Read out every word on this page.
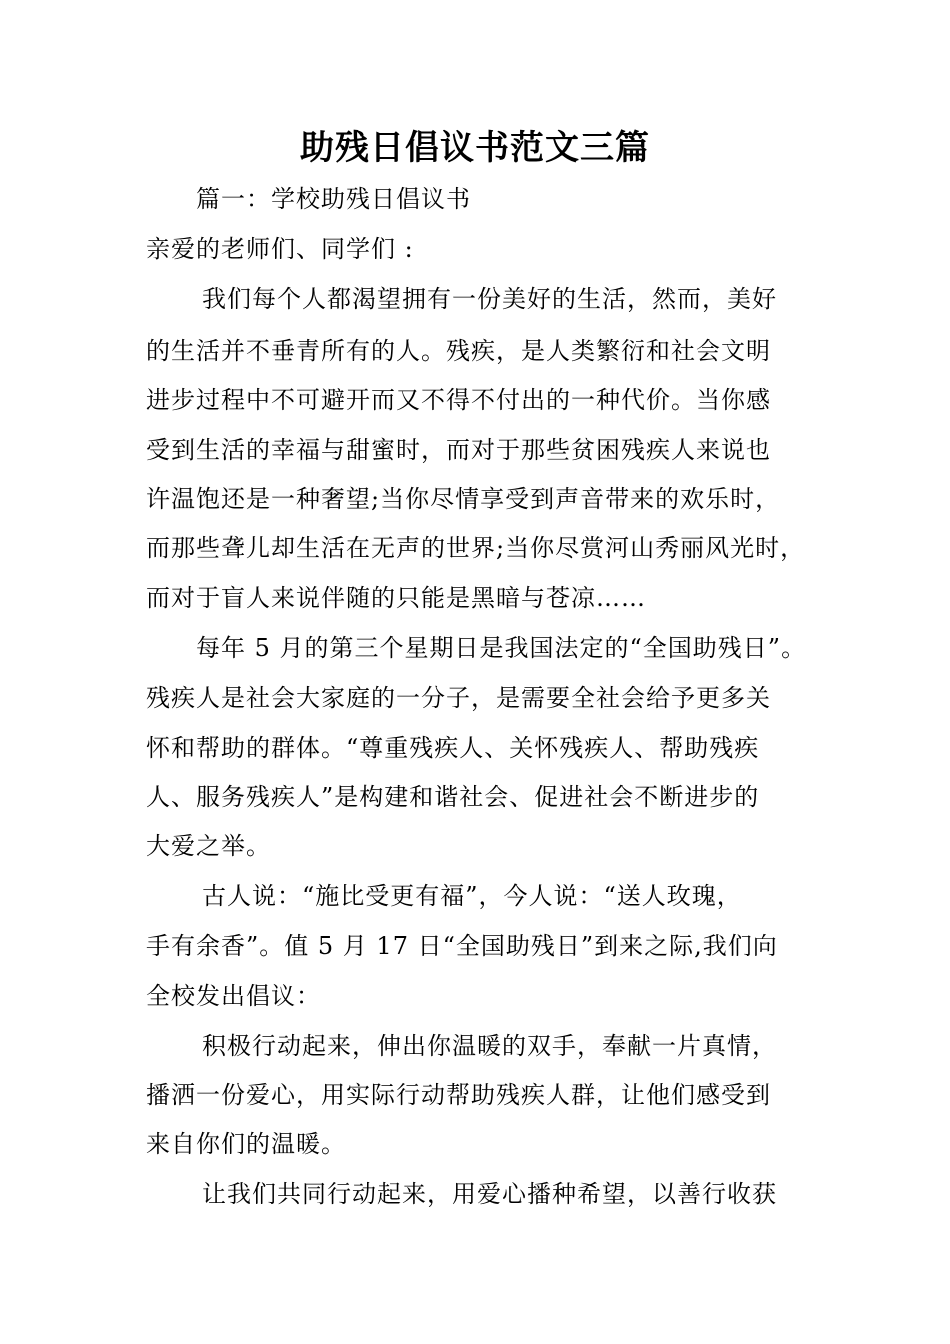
助残日倡议书范文三篇
篇一：学校助残日倡议书
亲爱的老师们、同学们 :
我们每个人都渴望拥有一份美好的生活，然而，美好
的生活并不垂青所有的人。残疾，是人类繁衍和社会文明
进步过程中不可避开而又不得不付出的一种代价。当你感
受到生活的幸福与甜蜜时，而对于那些贫困残疾人来说也
许温饱还是一种奢望;当你尽情享受到声音带来的欢乐时，
而那些聋儿却生活在无声的世界;当你尽赏河山秀丽风光时，
而对于盲人来说伴随的只能是黑暗与苍凉……
每年 5 月的第三个星期日是我国法定的“全国助残日”。
残疾人是社会大家庭的一分子，是需要全社会给予更多关
怀和帮助的群体。“尊重残疾人、关怀残疾人、帮助残疾
人、服务残疾人”是构建和谐社会、促进社会不断进步的
大爱之举。
古人说：“施比受更有福”，今人说：“送人玫瑰，
手有余香”。值 5 月 17 日“全国助残日”到来之际,我们向
全校发出倡议：
积极行动起来，伸出你温暖的双手，奉献一片真情，
播洒一份爱心，用实际行动帮助残疾人群，让他们感受到
来自你们的温暖。
让我们共同行动起来，用爱心播种希望，以善行收获
